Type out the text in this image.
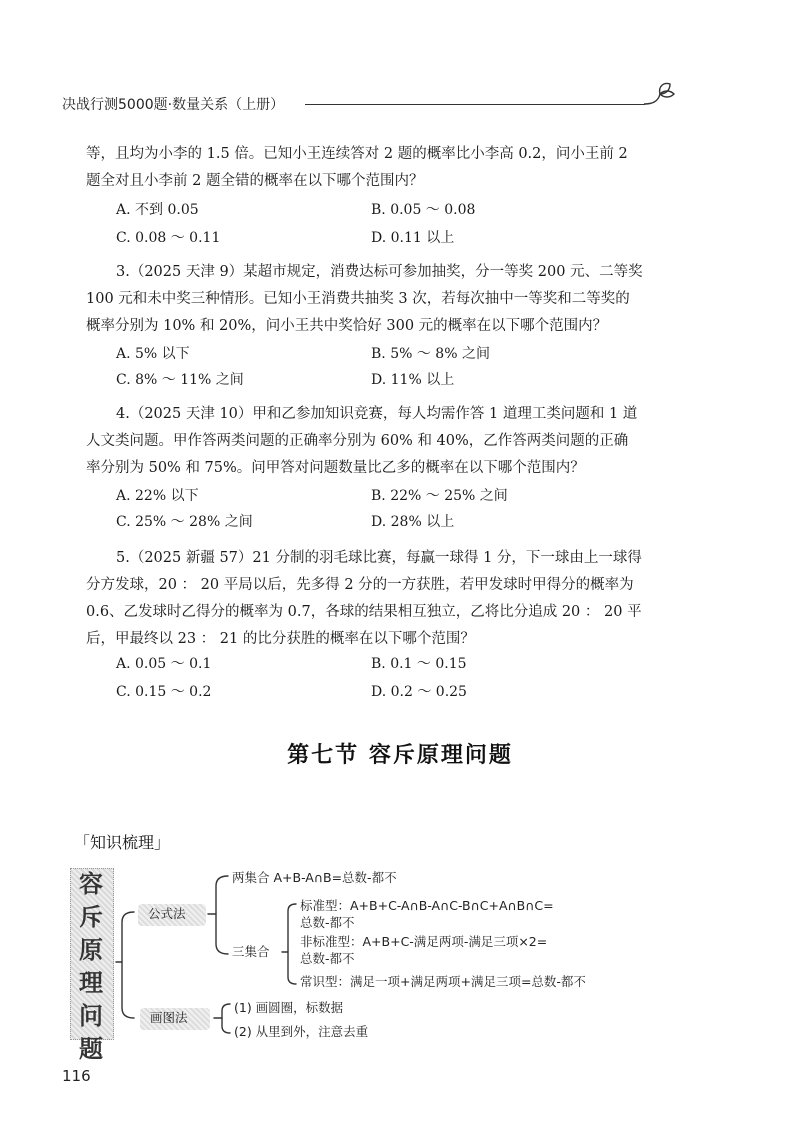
决战行测5000题·数量关系（上册）
等，且均为小李的 1.5 倍。已知小王连续答对 2 题的概率比小李高 0.2，问小王前 2
题全对且小李前 2 题全错的概率在以下哪个范围内？
A. 不到 0.05	B. 0.05 ～ 0.08
C. 0.08 ～ 0.11	D. 0.11 以上
3.（2025 天津 9）某超市规定，消费达标可参加抽奖，分一等奖 200 元、二等奖
100 元和未中奖三种情形。已知小王消费共抽奖 3 次，若每次抽中一等奖和二等奖的
概率分别为 10% 和 20%，问小王共中奖恰好 300 元的概率在以下哪个范围内？
A. 5% 以下	B. 5% ～ 8% 之间
C. 8% ～ 11% 之间	D. 11% 以上
4.（2025 天津 10）甲和乙参加知识竞赛，每人均需作答 1 道理工类问题和 1 道
人文类问题。甲作答两类问题的正确率分别为 60% 和 40%，乙作答两类问题的正确
率分别为 50% 和 75%。问甲答对问题数量比乙多的概率在以下哪个范围内？
A. 22% 以下	B. 22% ～ 25% 之间
C. 25% ～ 28% 之间	D. 28% 以上
5.（2025 新疆 57）21 分制的羽毛球比赛，每赢一球得 1 分，下一球由上一球得
分方发球，20 ： 20 平局以后，先多得 2 分的一方获胜，若甲发球时甲得分的概率为
0.6、乙发球时乙得分的概率为 0.7，各球的结果相互独立，乙将比分追成 20 ： 20 平
后，甲最终以 23 ： 21 的比分获胜的概率在以下哪个范围？
A. 0.05 ～ 0.1	B. 0.1 ～ 0.15
C. 0.15 ～ 0.2	D. 0.2 ～ 0.25
第七节 容斥原理问题
「知识梳理」
容
斥
原
理
问
题
公式法
两集合 A+B-A∩B=总数-都不
三集合
标准型：A+B+C-A∩B-A∩C-B∩C+A∩B∩C=
总数-都不
非标准型：A+B+C-满足两项-满足三项×2=
总数-都不
常识型：满足一项+满足两项+满足三项=总数-都不
画图法
(1) 画圆圈，标数据
(2) 从里到外，注意去重
116
